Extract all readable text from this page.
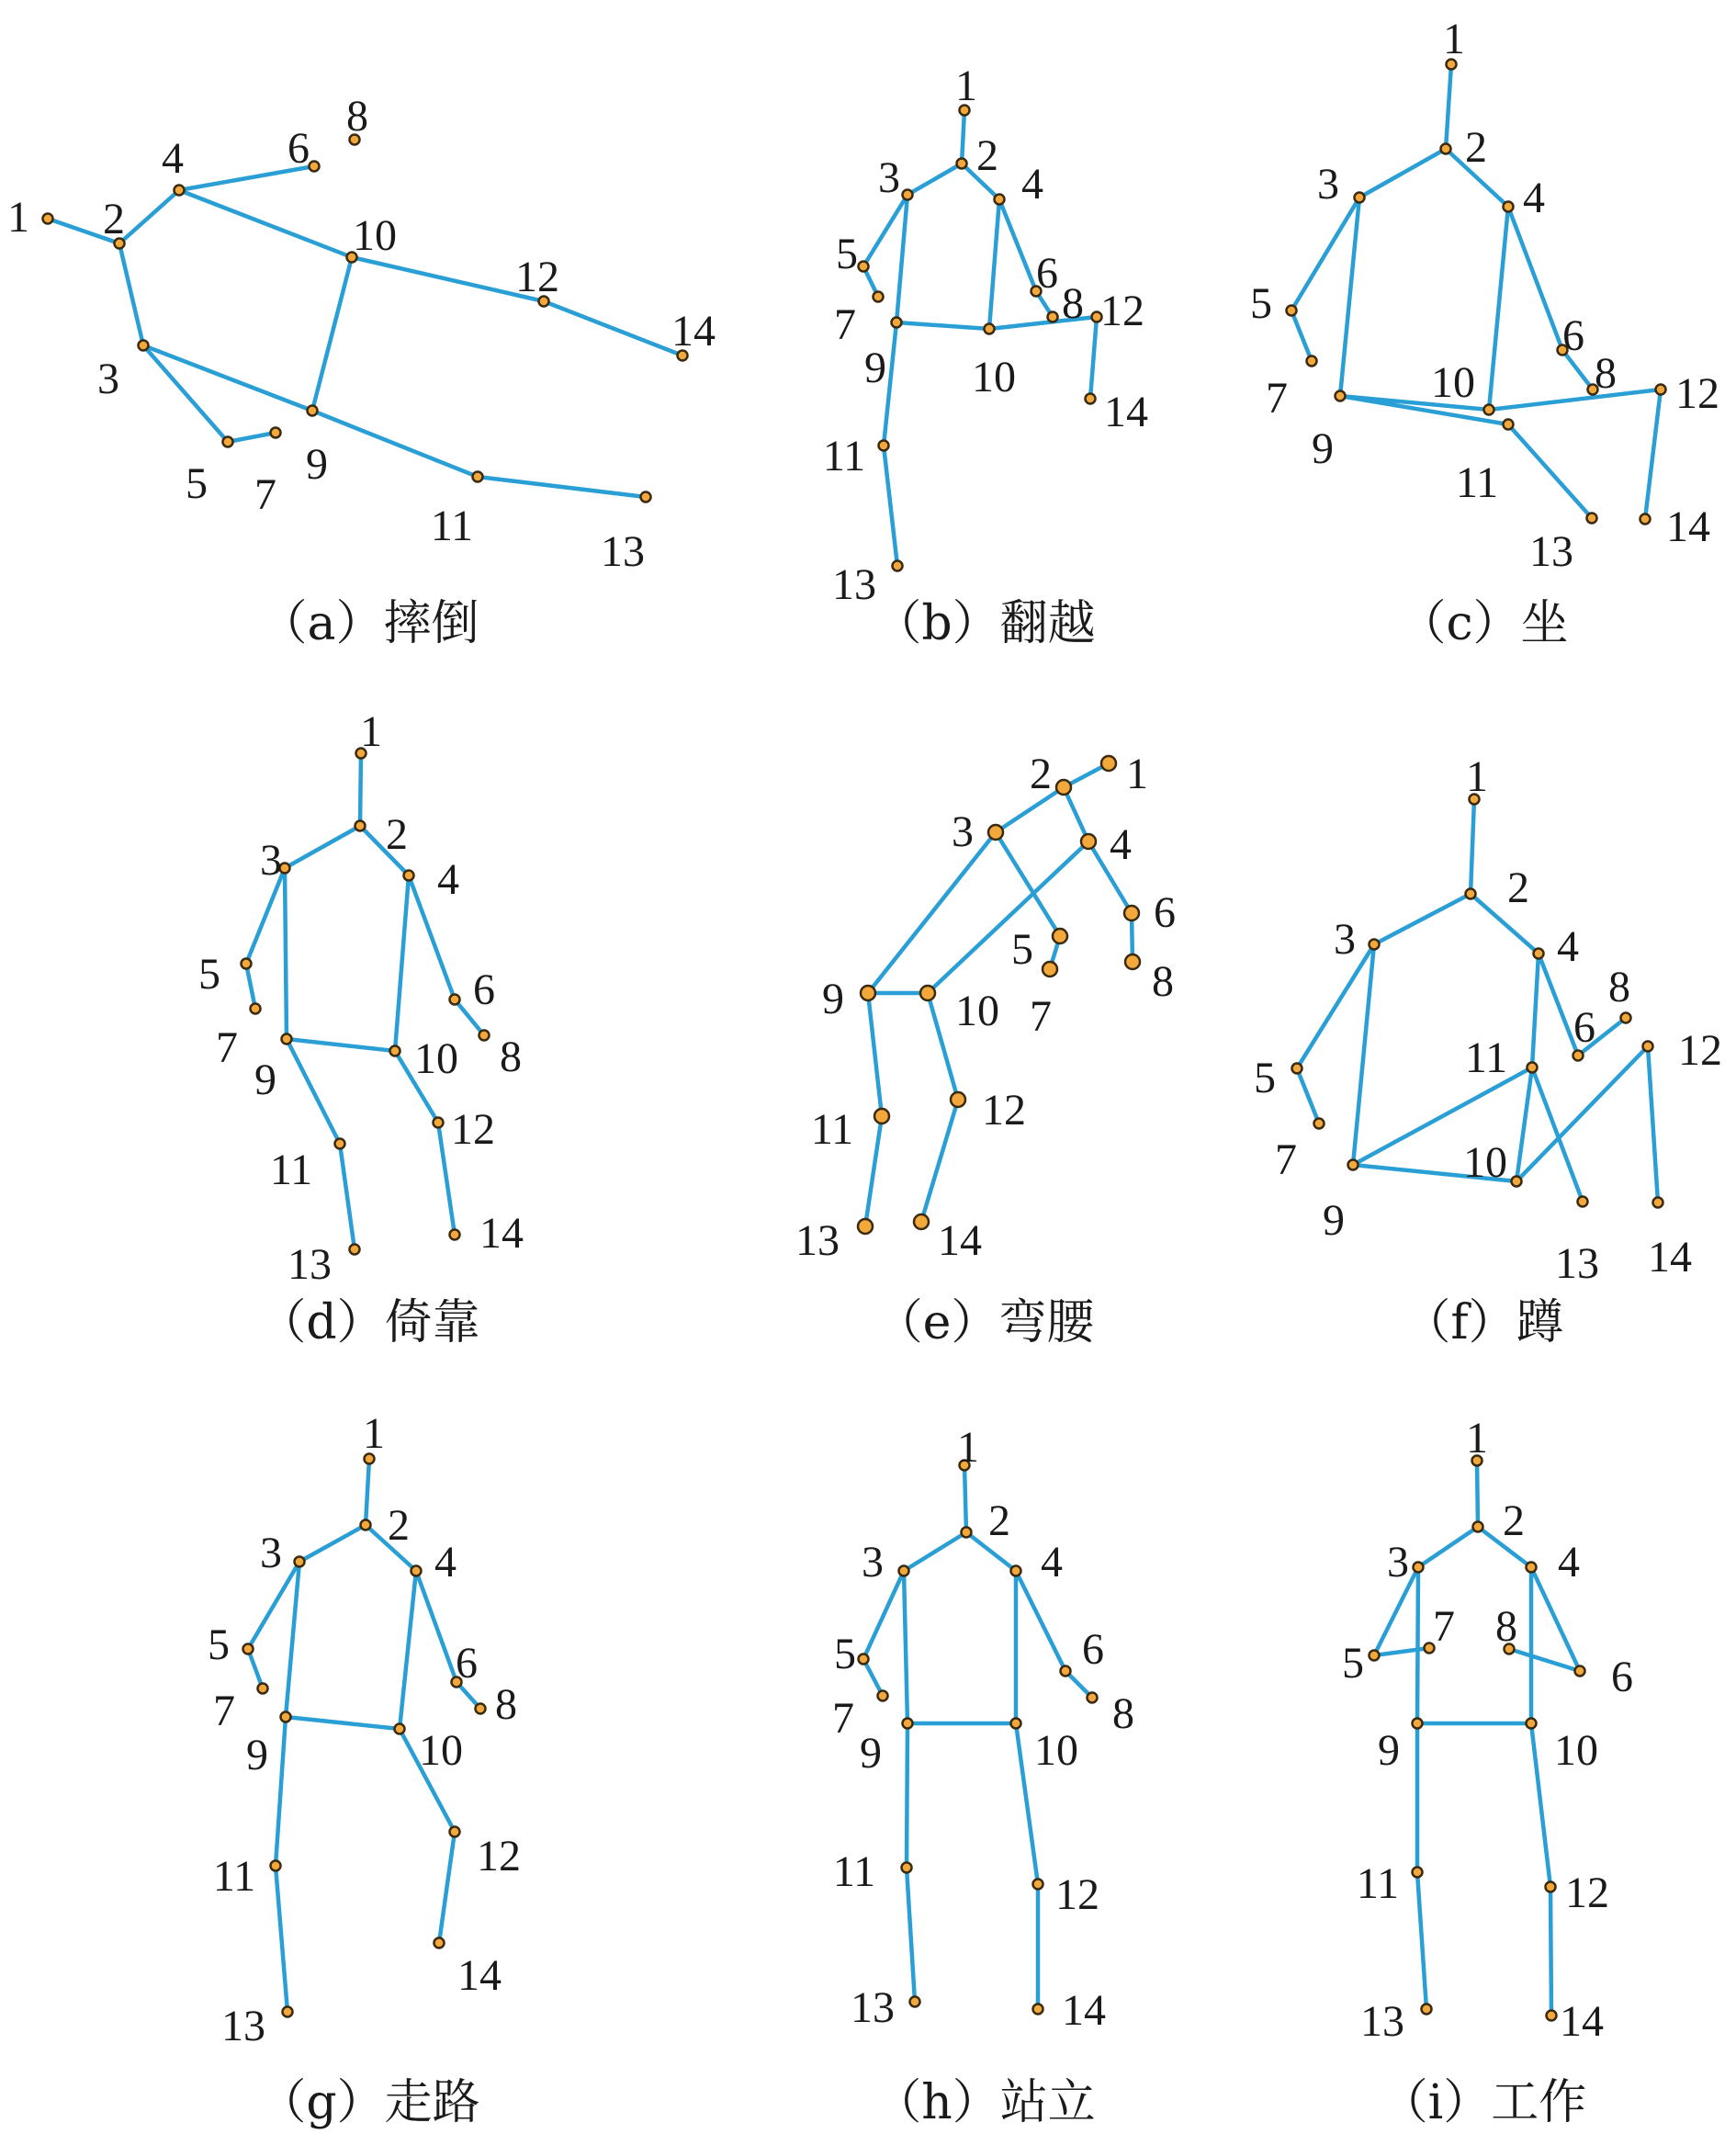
1 2
3
4
5
6
7
8
9
10
11
12
13
14
（a）摔倒
1
2
3	4
5	6
7	8
9 10
11
12
13
14
（b）翻越
1
2
3	4
5
6
7
8
9
10
11
12
13
14
（c）坐
1
2
3	4
5	6
7	8
9	10
11
12
13
14
（d）倚靠
1
2
3	4
5
6
7
8
9	10
11	12
13 14
（e）弯腰
1
2
3	4
5
6
7
8
9
10
11	12
13 14
（f）蹲
1
2
3	4
5	6
7	8
9	10
11	12
13
14
（g）走路
1
2
3	4
5	6
7	8
9	10
11	12
13	14
（h）站立
1
2
3	4
5	6
7 8
9	10
11	12
13	14
（i）工作
